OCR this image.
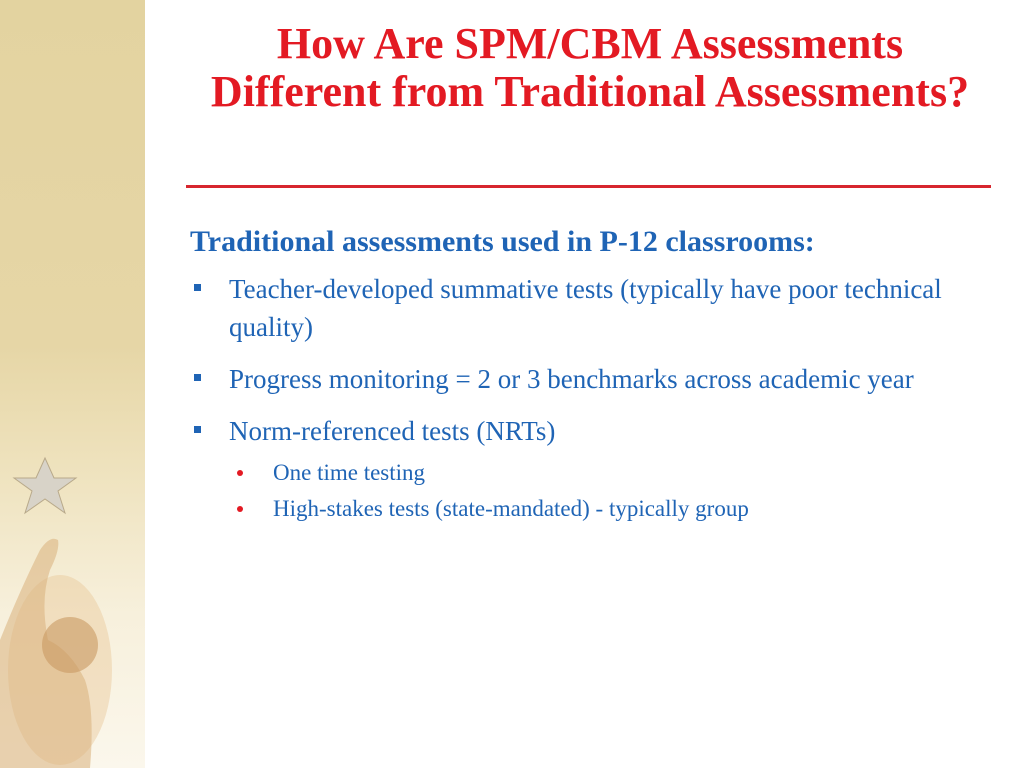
How Are SPM/CBM Assessments Different from Traditional Assessments?
Traditional assessments used in P-12 classrooms:
Teacher-developed summative tests (typically have poor technical quality)
Progress monitoring = 2 or 3 benchmarks across academic year
Norm-referenced tests (NRTs)
One time testing
High-stakes tests (state-mandated) - typically group
